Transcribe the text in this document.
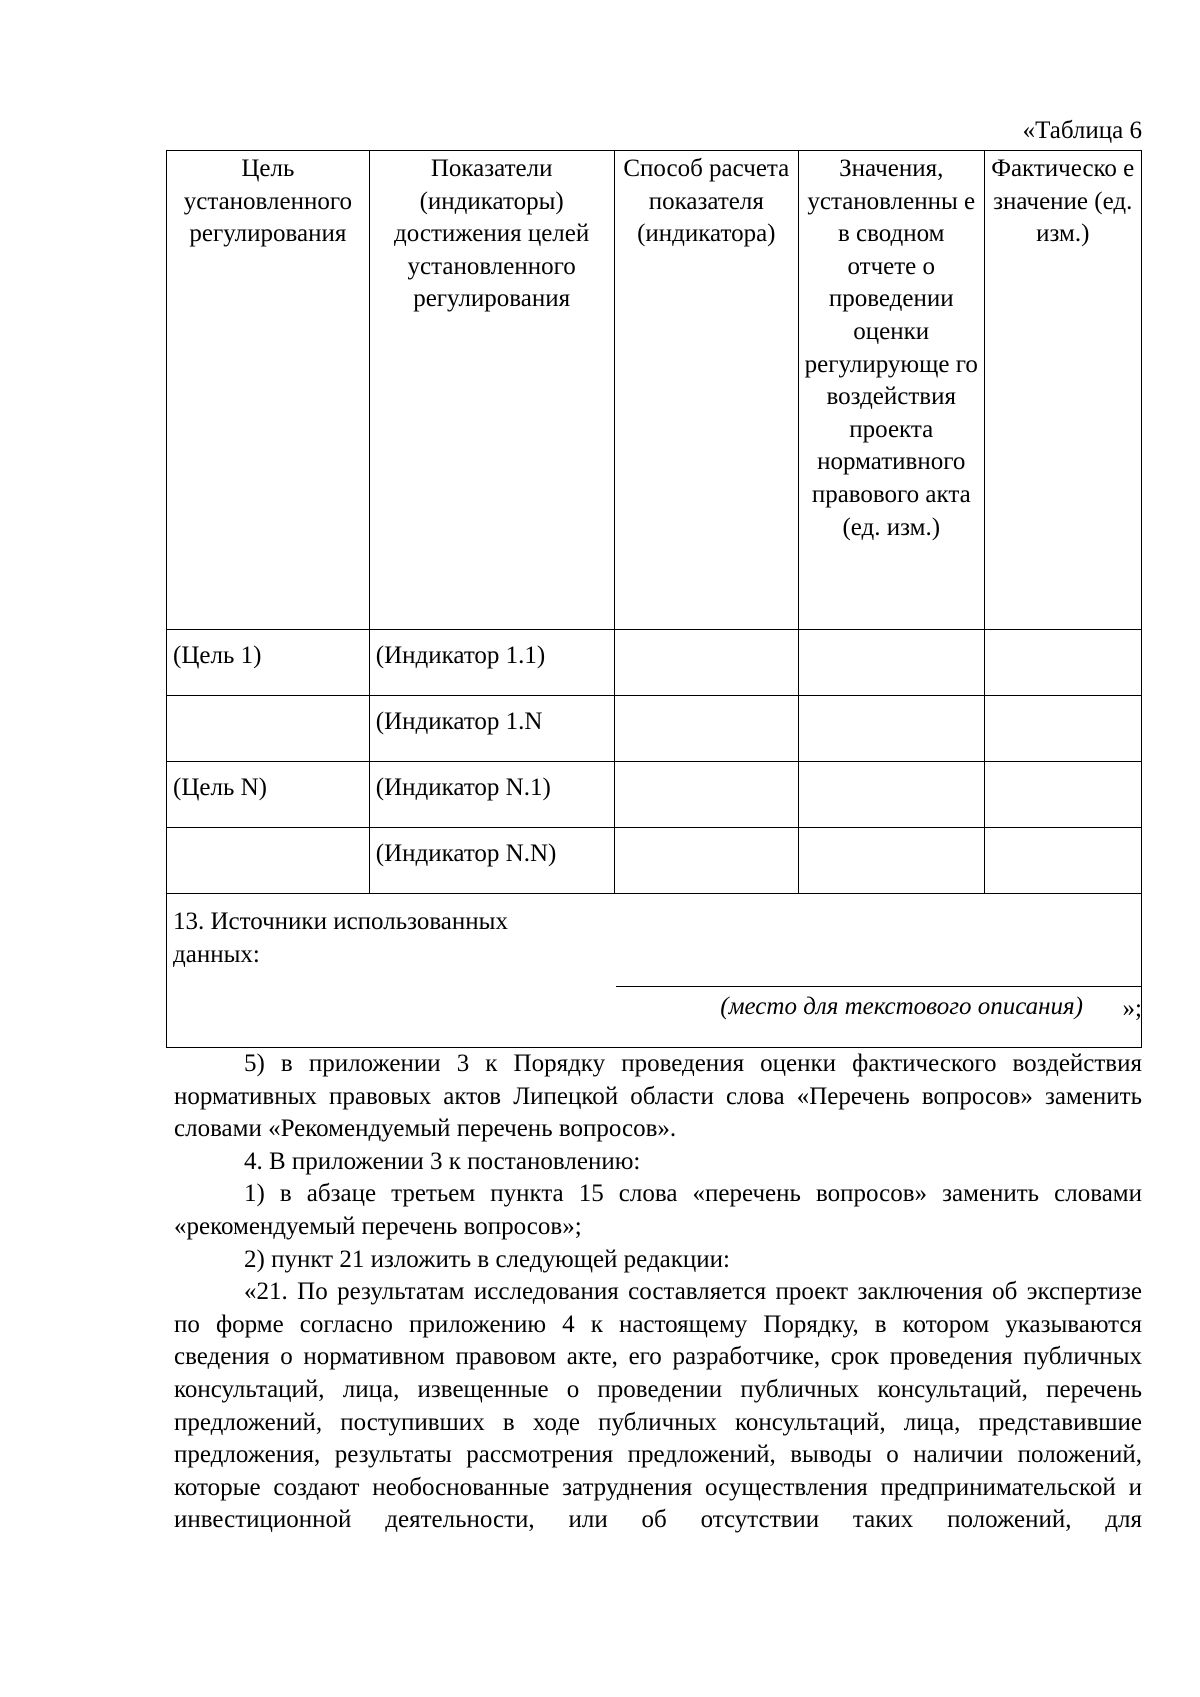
«Таблица 6
Цель установленного регулирования	Показатели (индикаторы) достижения целей установленного регулирования	Способ расчета показателя (индикатора)	Значения, установленны е в сводном отчете о проведении оценки регулирующе го воздействия проекта нормативного правового акта (ед. изм.)	Фактическо е значение (ед. изм.)
(Цель 1)	(Индикатор 1.1)			
	(Индикатор 1.N			
(Цель N)	(Индикатор N.1)			
	(Индикатор N.N)			

13. Источники использованных данных:
(место для текстового описания)					»;

5) в приложении 3 к Порядку проведения оценки фактического воздействия нормативных правовых актов Липецкой области слова «Перечень вопросов» заменить словами «Рекомендуемый перечень вопросов».

4. В приложении 3 к постановлению:

1) в абзаце третьем пункта 15 слова «перечень вопросов» заменить словами «рекомендуемый перечень вопросов»;

2) пункт 21 изложить в следующей редакции:

«21. По результатам исследования составляется проект заключения об экспертизе по форме согласно приложению 4 к настоящему Порядку, в котором указываются сведения о нормативном правовом акте, его разработчике, срок проведения публичных консультаций, лица, извещенные о проведении публичных консультаций, перечень предложений, поступивших в ходе публичных консультаций, лица, представившие предложения, результаты рассмотрения предложений, выводы о наличии положений, которые создают необоснованные затруднения осуществления предпринимательской и инвестиционной деятельности, или об отсутствии таких положений, для
